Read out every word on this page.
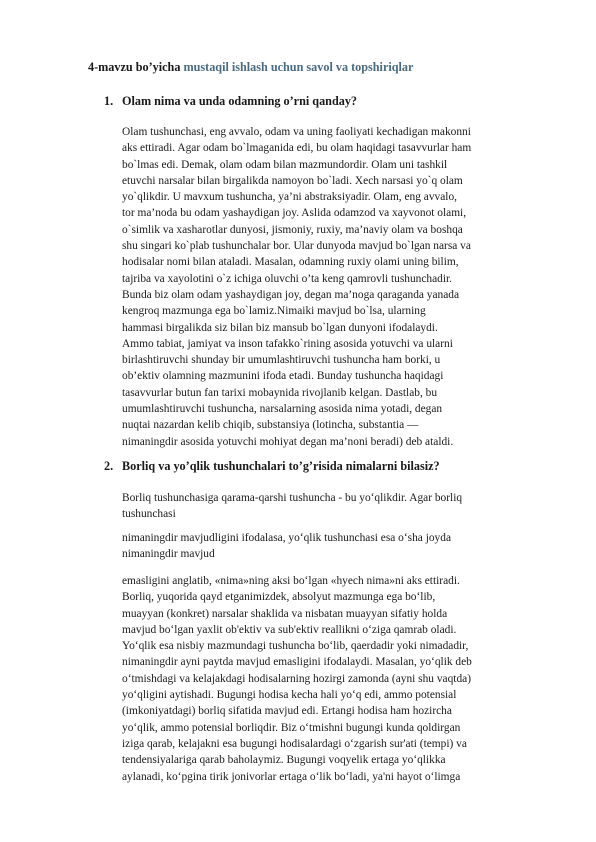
4-mavzu bo’yicha mustaqil ishlash uchun savol va topshiriqlar
1. Olam nima va unda odamning o’rni qanday?
Olam tushunchasi, eng avvalo, odam va uning faoliyati kechadigan makonni
aks ettiradi. Agar odam bo`lmaganida edi, bu olam haqidagi tasavvurlar ham
bo`lmas edi. Demak, olam odam bilan mazmundordir. Olam uni tashkil
etuvchi narsalar bilan birgalikda namoyon bo`ladi. Xech narsasi yo`q olam
yo`qlikdir. U mavxum tushuncha, ya’ni abstraksiyadir. Olam, eng avvalo,
tor ma’noda bu odam yashaydigan joy. Aslida odamzod va xayvonot olami,
o`simlik va xasharotlar dunyosi, jismoniy, ruxiy, ma’naviy olam va boshqa
shu singari ko`plab tushunchalar bor. Ular dunyoda mavjud bo`lgan narsa va
hodisalar nomi bilan ataladi. Masalan, odamning ruxiy olami uning bilim,
tajriba va xayolotini o`z ichiga oluvchi o’ta keng qamrovli tushunchadir.
Bunda biz olam odam yashaydigan joy, degan ma’noga qaraganda yanada
kengroq mazmunga ega bo`lamiz.Nimaiki mavjud bo`lsa, ularning
hammasi birgalikda siz bilan biz mansub bo`lgan dunyoni ifodalaydi.
Ammo tabiat, jamiyat va inson tafakko`rining asosida yotuvchi va ularni
birlashtiruvchi shunday bir umumlashtiruvchi tushuncha ham borki, u
ob’ektiv olamning mazmunini ifoda etadi. Bunday tushuncha haqidagi
tasavvurlar butun fan tarixi mobaynida rivojlanib kelgan. Dastlab, bu
umumlashtiruvchi tushuncha, narsalarning asosida nima yotadi, degan
nuqtai nazardan kelib chiqib, substansiya (lotincha, substantia —
nimaningdir asosida yotuvchi mohiyat degan ma’noni beradi) deb ataldi.
2. Borliq va yo’qlik tushunchalari to’g’risida nimalarni bilasiz?
Borliq tushunchasiga qarama-qarshi tushuncha - bu yo‘qlikdir. Agar borliq
tushunchasi
nimaningdir mavjudligini ifodalasa, yo‘qlik tushunchasi esa o‘sha joyda
nimaningdir mavjud
emasligini anglatib, «nima»ning aksi bo‘lgan «hyech nima»ni aks ettiradi.
Borliq, yuqorida qayd etganimizdek, absolyut mazmunga ega bo‘lib,
muayyan (konkret) narsalar shaklida va nisbatan muayyan sifatiy holda
mavjud bo‘lgan yaxlit ob'ektiv va sub'ektiv reallikni o‘ziga qamrab oladi.
Yo‘qlik esa nisbiy mazmundagi tushuncha bo‘lib, qaerdadir yoki nimadadir,
nimaningdir ayni paytda mavjud emasligini ifodalaydi. Masalan, yo‘qlik deb
o‘tmishdagi va kelajakdagi hodisalarning hozirgi zamonda (ayni shu vaqtda)
yo‘qligini aytishadi. Bugungi hodisa kecha hali yo‘q edi, ammo potensial
(imkoniyatdagi) borliq sifatida mavjud edi. Ertangi hodisa ham hozircha
yo‘qlik, ammo potensial borliqdir. Biz o‘tmishni bugungi kunda qoldirgan
iziga qarab, kelajakni esa bugungi hodisalardagi o‘zgarish sur'ati (tempi) va
tendensiyalariga qarab baholaymiz. Bugungi voqyelik ertaga yo‘qlikka
aylanadi, ko‘pgina tirik jonivorlar ertaga o‘lik bo‘ladi, ya'ni hayot o‘limga
